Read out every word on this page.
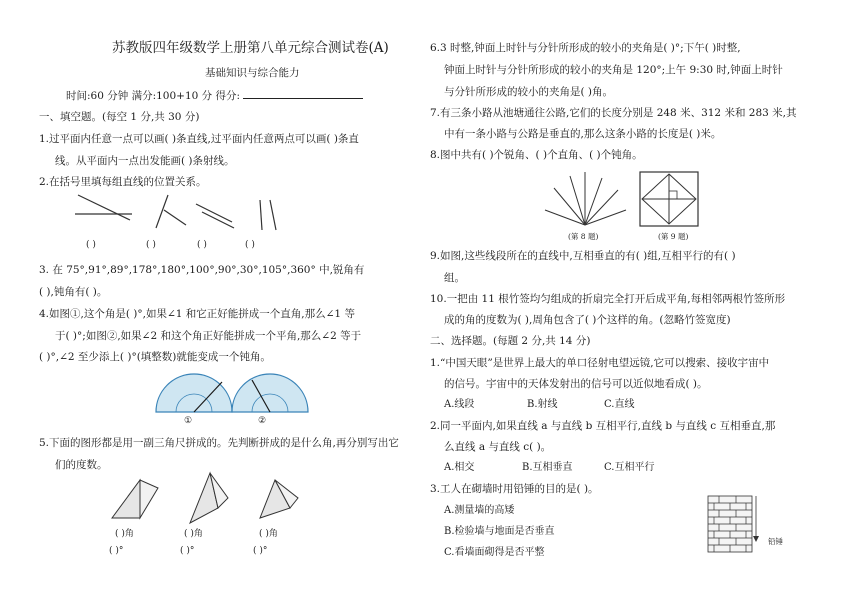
苏教版四年级数学上册第八单元综合测试卷(A)
基础知识与综合能力
时间:60 分钟 满分:100+10 分 得分:
一、填空题。(每空 1 分,共 30 分)
1.过平面内任意一点可以画( )条直线,过平面内任意两点可以画( )条直
线。从平面内一点出发能画( )条射线。
2.在括号里填每组直线的位置关系。
( )	( )	( )	( )
3. 在 75°,91°,89°,178°,180°,100°,90°,30°,105°,360° 中,锐角有
( ),钝角有( )。
4.如图①,这个角是( )°,如果∠1 和它正好能拼成一个直角,那么∠1 等
于( )°;如图②,如果∠2 和这个角正好能拼成一个平角,那么∠2 等于
( )°,∠2 至少添上( )°(填整数)就能变成一个钝角。
①	②
5.下面的图形都是用一副三角尺拼成的。先判断拼成的是什么角,再分别写出它
们的度数。
( )角	( )角	( )角
( )°	( )°	( )°
6.3 时整,钟面上时针与分针所形成的较小的夹角是( )°;下午( )时整,
钟面上时针与分针所形成的较小的夹角是 120°;上午 9:30 时,钟面上时针
与分针所形成的较小的夹角是( )角。
7.有三条小路从池塘通往公路,它们的长度分别是 248 米、312 米和 283 米,其
中有一条小路与公路是垂直的,那么这条小路的长度是( )米。
8.图中共有( )个锐角、( )个直角、( )个钝角。
(第 8 题)	(第 9 题)
9.如图,这些线段所在的直线中,互相垂直的有( )组,互相平行的有( )
组。
10.一把由 11 根竹签均匀组成的折扇完全打开后成平角,每相邻两根竹签所形
成的角的度数为( ),周角包含了( )个这样的角。(忽略竹签宽度)
二、选择题。(每题 2 分,共 14 分)
1.“中国天眼”是世界上最大的单口径射电望远镜,它可以搜索、接收宇宙中
的信号。宇宙中的天体发射出的信号可以近似地看成( )。
A.线段	B.射线	C.直线
2.同一平面内,如果直线 a 与直线 b 互相平行,直线 b 与直线 c 互相垂直,那
么直线 a 与直线 c( )。
A.相交	B.互相垂直	C.互相平行
3.工人在砌墙时用铅锤的目的是( )。
A.测量墙的高矮
B.检验墙与地面是否垂直
C.看墙面砌得是否平整
铅锤
